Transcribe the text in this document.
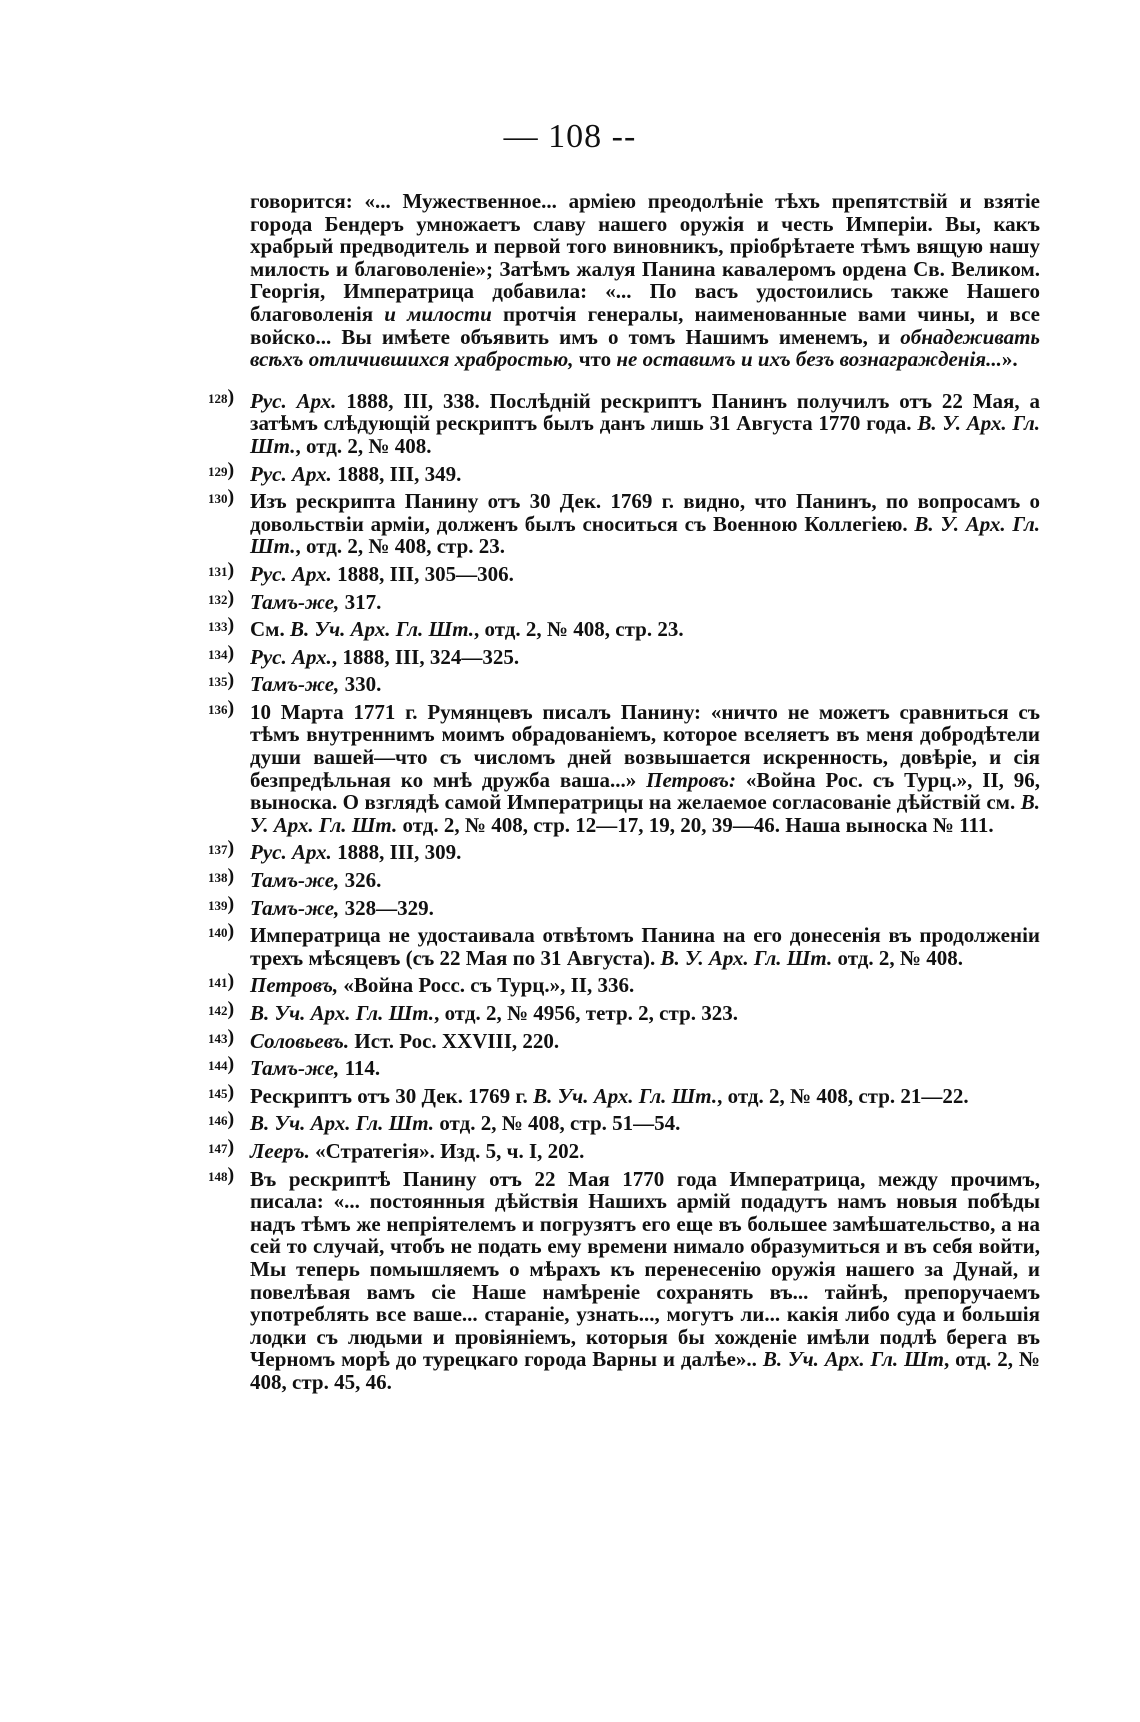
— 108 --

говорится: «... Мужественное... арміею преодолѣніе тѣхъ препятствій и взятіе города Бендеръ умножаетъ славу нашего оружія и честь Имперіи. Вы, какъ храбрый предводитель и первой того виновникъ, пріобрѣтаете тѣмъ вящую нашу милость и благоволеніе»; Затѣмъ жалуя Панина кавалеромъ ордена Св. Великом. Георгія, Императрица добавила: «... По васъ удостоились также Нашего благоволенія и милости протчія генералы, наименованные вами чины, и все войско... Вы имѣете объявить имъ о томъ Нашимъ именемъ, и обнадеживать всѣхъ отличившихся храбростью, что не оставимъ и ихъ безъ вознагражденія...».

128) Рус. Арх. 1888, III, 338. Послѣдній рескриптъ Панинъ получилъ отъ 22 Мая, а затѣмъ слѣдующій рескриптъ былъ данъ лишь 31 Августа 1770 года. В. У. Арх. Гл. Шт., отд. 2, № 408.
129) Рус. Арх. 1888, III, 349.
130) Изъ рескрипта Панину отъ 30 Дек. 1769 г. видно, что Панинъ, по вопросамъ о довольствіи арміи, долженъ былъ сноситься съ Военною Коллегіею. В. У. Арх. Гл. Шт., отд. 2, № 408, стр. 23.
131) Рус. Арх. 1888, III, 305—306.
132) Тамъ-же, 317.
133) См. В. Уч. Арх. Гл. Шт., отд. 2, № 408, стр. 23.
134) Рус. Арх., 1888, III, 324—325.
135) Тамъ-же, 330.
136) 10 Марта 1771 г. Румянцевъ писалъ Панину: «ничто не можетъ сравниться съ тѣмъ внутреннимъ моимъ обрадованіемъ, которое вселяетъ въ меня добродѣтели души вашей—что съ числомъ дней возвышается искренность, довѣріе, и сія безпредѣльная ко мнѣ дружба ваша...» Петровъ: «Война Рос. съ Турц.», II, 96, выноска. О взглядѣ самой Императрицы на желаемое согласованіе дѣйствій см. В. У. Арх. Гл. Шт. отд. 2, № 408, стр. 12—17, 19, 20, 39—46. Наша выноска № 111.
137) Рус. Арх. 1888, III, 309.
138) Тамъ-же, 326.
139) Тамъ-же, 328—329.
140) Императрица не удостаивала отвѣтомъ Панина на его донесенія въ продолженіи трехъ мѣсяцевъ (съ 22 Мая по 31 Августа). В. У. Арх. Гл. Шт. отд. 2, № 408.
141) Петровъ, «Война Росс. съ Турц.», II, 336.
142) В. Уч. Арх. Гл. Шт., отд. 2, № 4956, тетр. 2, стр. 323.
143) Соловьевъ. Ист. Рос. XXVIII, 220.
144) Тамъ-же, 114.
145) Рескриптъ отъ 30 Дек. 1769 г. В. Уч. Арх. Гл. Шт., отд. 2, № 408, стр. 21—22.
146) В. Уч. Арх. Гл. Шт. отд. 2, № 408, стр. 51—54.
147) Лееръ. «Стратегія». Изд. 5, ч. I, 202.
148) Въ рескриптѣ Панину отъ 22 Мая 1770 года Императрица, между прочимъ, писала: «... постоянныя дѣйствія Нашихъ армій подадутъ намъ новыя побѣды надъ тѣмъ же непріятелемъ и погрузятъ его еще въ большее замѣшательство, а на сей то случай, чтобъ не подать ему времени нимало образумиться и въ себя войти, Мы теперь помышляемъ о мѣрахъ къ перенесенію оружія нашего за Дунай, и повелѣвая вамъ сіе Наше намѣреніе сохранять въ... тайнѣ, препоручаемъ употреблять все ваше... стараніе, узнать..., могутъ ли... какія либо суда и большія лодки съ людьми и провіяніемъ, которыя бы хожденіе имѣли подлѣ берега въ Черномъ морѣ до турецкаго города Варны и далѣе».. В. Уч. Арх. Гл. Шт, отд. 2, № 408, стр. 45, 46.
